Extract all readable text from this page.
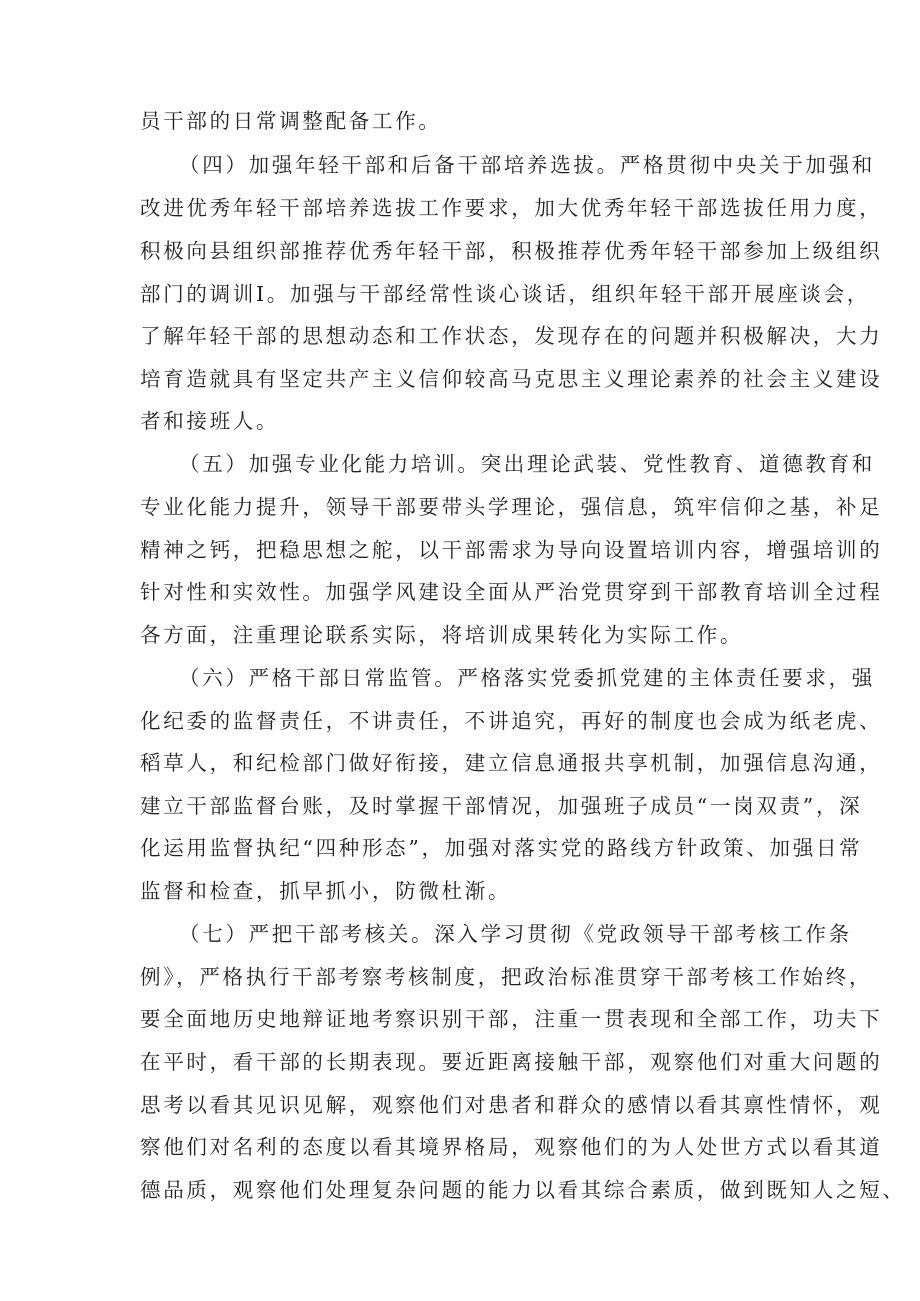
员干部的日常调整配备工作。
（四）加强年轻干部和后备干部培养选拔。严格贯彻中央关于加强和
改进优秀年轻干部培养选拔工作要求，加大优秀年轻干部选拔任用力度，
积极向县组织部推荐优秀年轻干部，积极推荐优秀年轻干部参加上级组织
部门的调训I。加强与干部经常性谈心谈话，组织年轻干部开展座谈会，
了解年轻干部的思想动态和工作状态，发现存在的问题并积极解决，大力
培育造就具有坚定共产主义信仰较高马克思主义理论素养的社会主义建设
者和接班人。
（五）加强专业化能力培训。突出理论武装、党性教育、道德教育和
专业化能力提升，领导干部要带头学理论，强信息，筑牢信仰之基，补足
精神之钙，把稳思想之舵，以干部需求为导向设置培训内容，增强培训的
针对性和实效性。加强学风建设全面从严治党贯穿到干部教育培训全过程
各方面，注重理论联系实际，将培训成果转化为实际工作。
（六）严格干部日常监管。严格落实党委抓党建的主体责任要求，强
化纪委的监督责任，不讲责任，不讲追究，再好的制度也会成为纸老虎、
稻草人，和纪检部门做好衔接，建立信息通报共享机制，加强信息沟通，
建立干部监督台账，及时掌握干部情况，加强班子成员“一岗双责”，深
化运用监督执纪“四种形态”，加强对落实党的路线方针政策、加强日常
监督和检查，抓早抓小，防微杜渐。
（七）严把干部考核关。深入学习贯彻《党政领导干部考核工作条
例》，严格执行干部考察考核制度，把政治标准贯穿干部考核工作始终，
要全面地历史地辩证地考察识别干部，注重一贯表现和全部工作，功夫下
在平时，看干部的长期表现。要近距离接触干部，观察他们对重大问题的
思考以看其见识见解，观察他们对患者和群众的感情以看其禀性情怀，观
察他们对名利的态度以看其境界格局，观察他们的为人处世方式以看其道
德品质，观察他们处理复杂问题的能力以看其综合素质，做到既知人之短、
